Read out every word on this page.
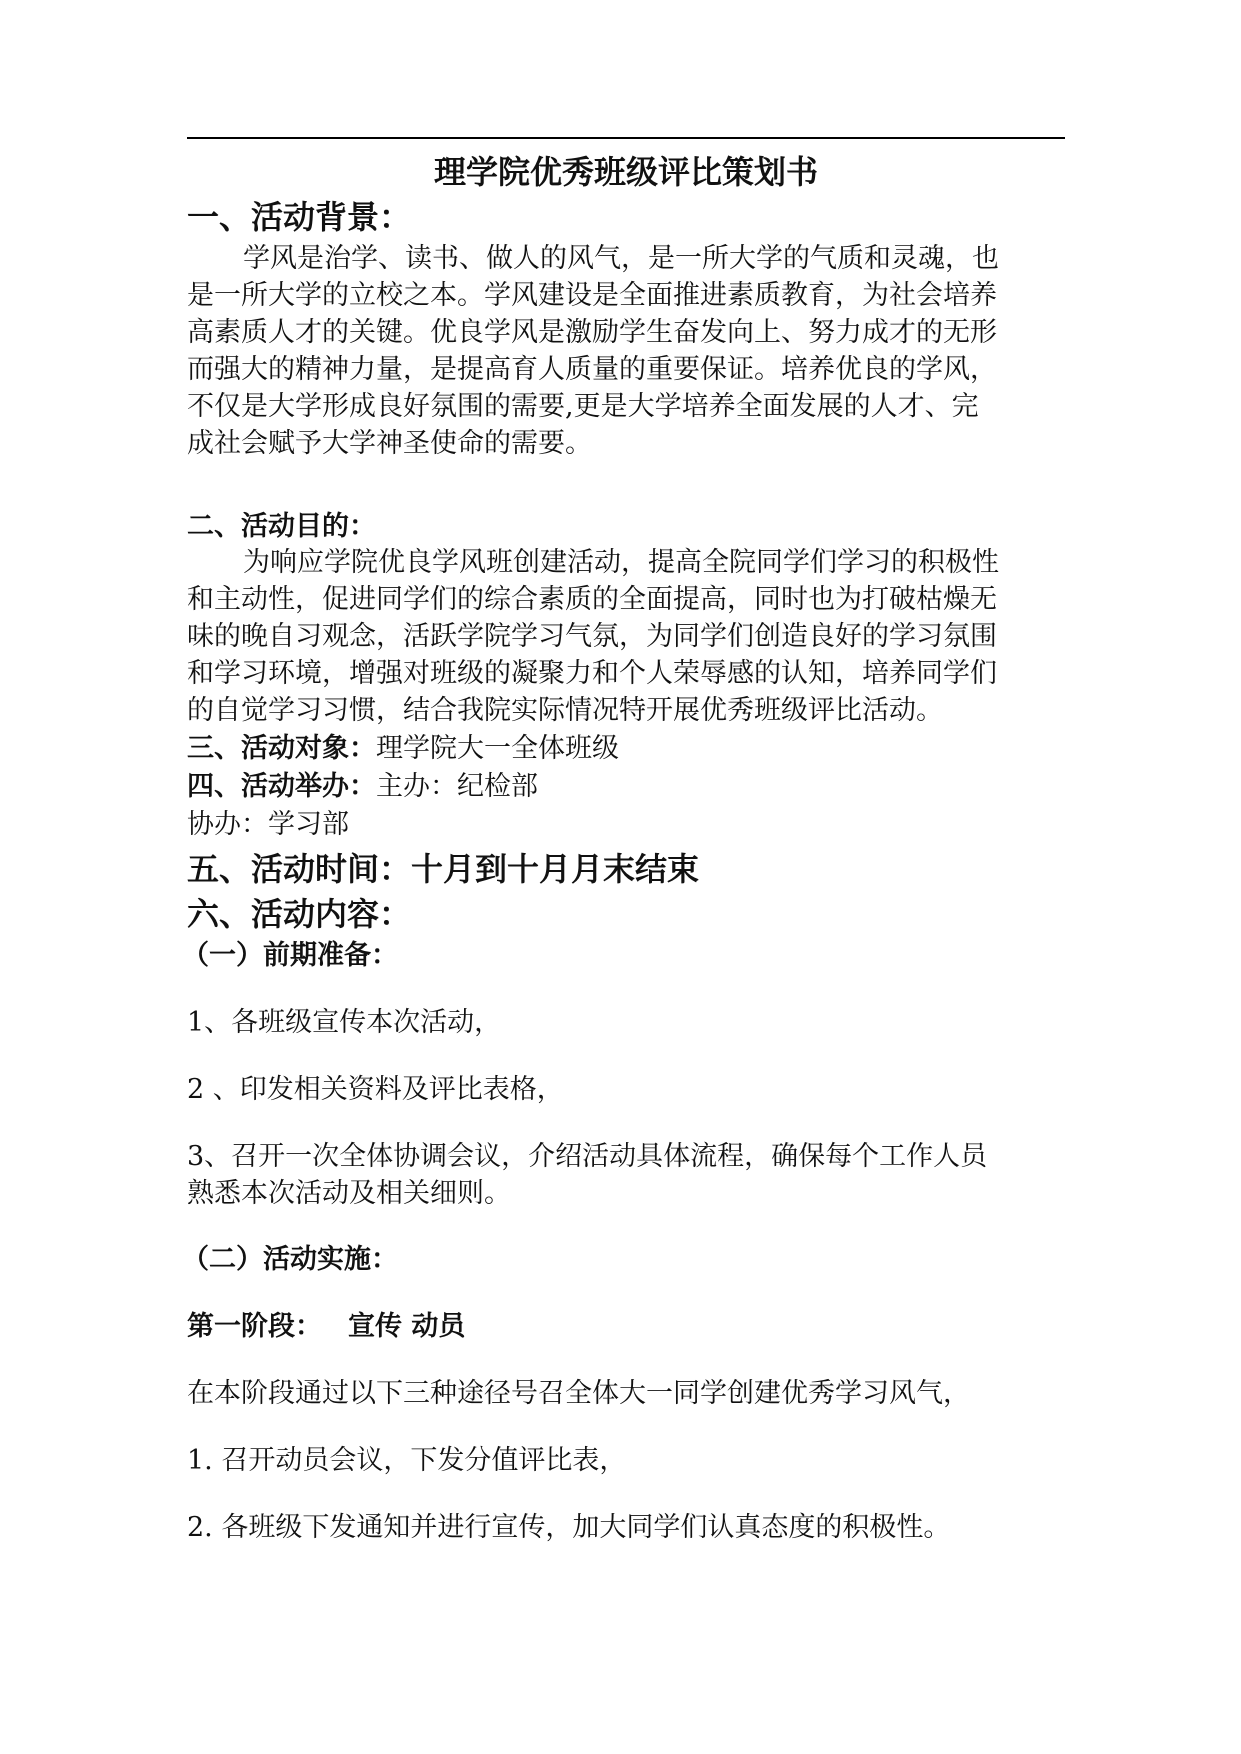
理学院优秀班级评比策划书
一、活动背景：
学风是治学、读书、做人的风气，是一所大学的气质和灵魂，也
是一所大学的立校之本。学风建设是全面推进素质教育，为社会培养
高素质人才的关键。优良学风是激励学生奋发向上、努力成才的无形
而强大的精神力量，是提高育人质量的重要保证。培养优良的学风，
不仅是大学形成良好氛围的需要,更是大学培养全面发展的人才、完
成社会赋予大学神圣使命的需要。
二、活动目的：
为响应学院优良学风班创建活动，提高全院同学们学习的积极性
和主动性，促进同学们的综合素质的全面提高，同时也为打破枯燥无
味的晚自习观念，活跃学院学习气氛，为同学们创造良好的学习氛围
和学习环境，增强对班级的凝聚力和个人荣辱感的认知，培养同学们
的自觉学习习惯，结合我院实际情况特开展优秀班级评比活动。
三、活动对象：理学院大一全体班级
四、活动举办：主办：纪检部
协办：学习部
五、活动时间：十月到十月月末结束
六、活动内容：
（一）前期准备：
1、各班级宣传本次活动，
2 、印发相关资料及评比表格，
3、召开一次全体协调会议，介绍活动具体流程，确保每个工作人员
熟悉本次活动及相关细则。
（二）活动实施：
第一阶段： 宣传 动员
在本阶段通过以下三种途径号召全体大一同学创建优秀学习风气，
1. 召开动员会议，下发分值评比表，
2. 各班级下发通知并进行宣传，加大同学们认真态度的积极性。
